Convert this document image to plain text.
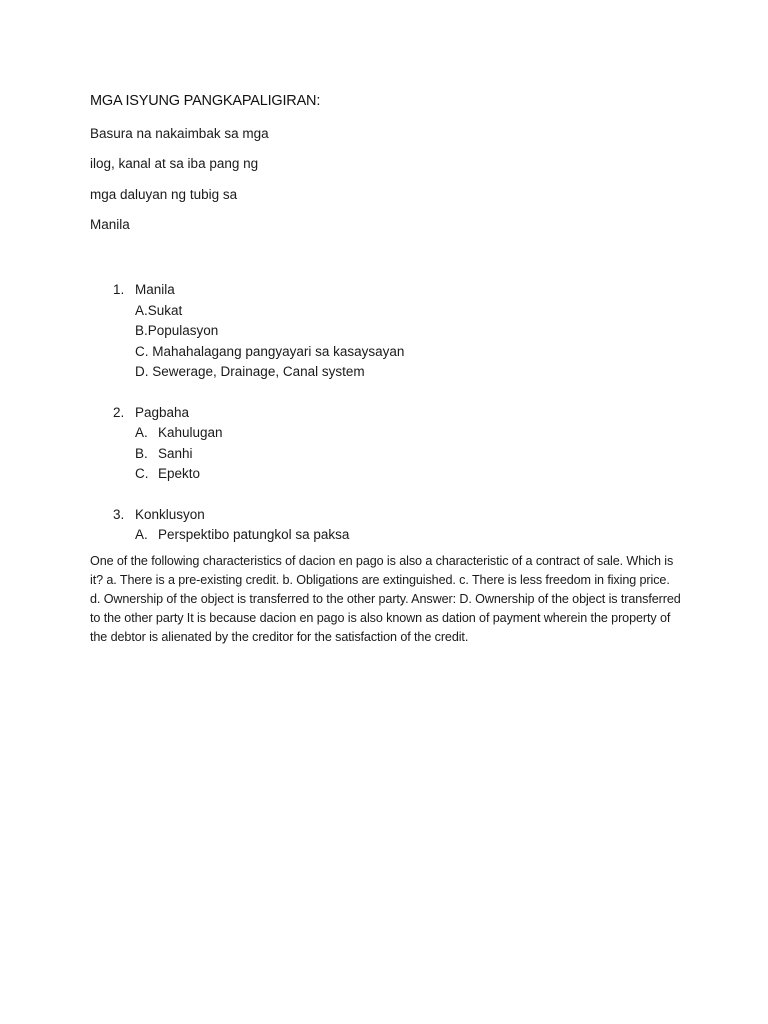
MGA ISYUNG PANGKAPALIGIRAN:
Basura na nakaimbak sa mga
ilog, kanal at sa iba pang ng
mga daluyan ng tubig sa
Manila
1. Manila
A.Sukat
B.Populasyon
C. Mahahalagang pangyayari sa kasaysayan
D. Sewerage, Drainage, Canal system
2. Pagbaha
A. Kahulugan
B. Sanhi
C. Epekto
3. Konklusyon
A. Perspektibo patungkol sa paksa
One of the following characteristics of dacion en pago is also a characteristic of a contract of sale. Which is it? a. There is a pre-existing credit. b. Obligations are extinguished. c. There is less freedom in fixing price. d. Ownership of the object is transferred to the other party. Answer: D. Ownership of the object is transferred to the other party It is because dacion en pago is also known as dation of payment wherein the property of the debtor is alienated by the creditor for the satisfaction of the credit.
